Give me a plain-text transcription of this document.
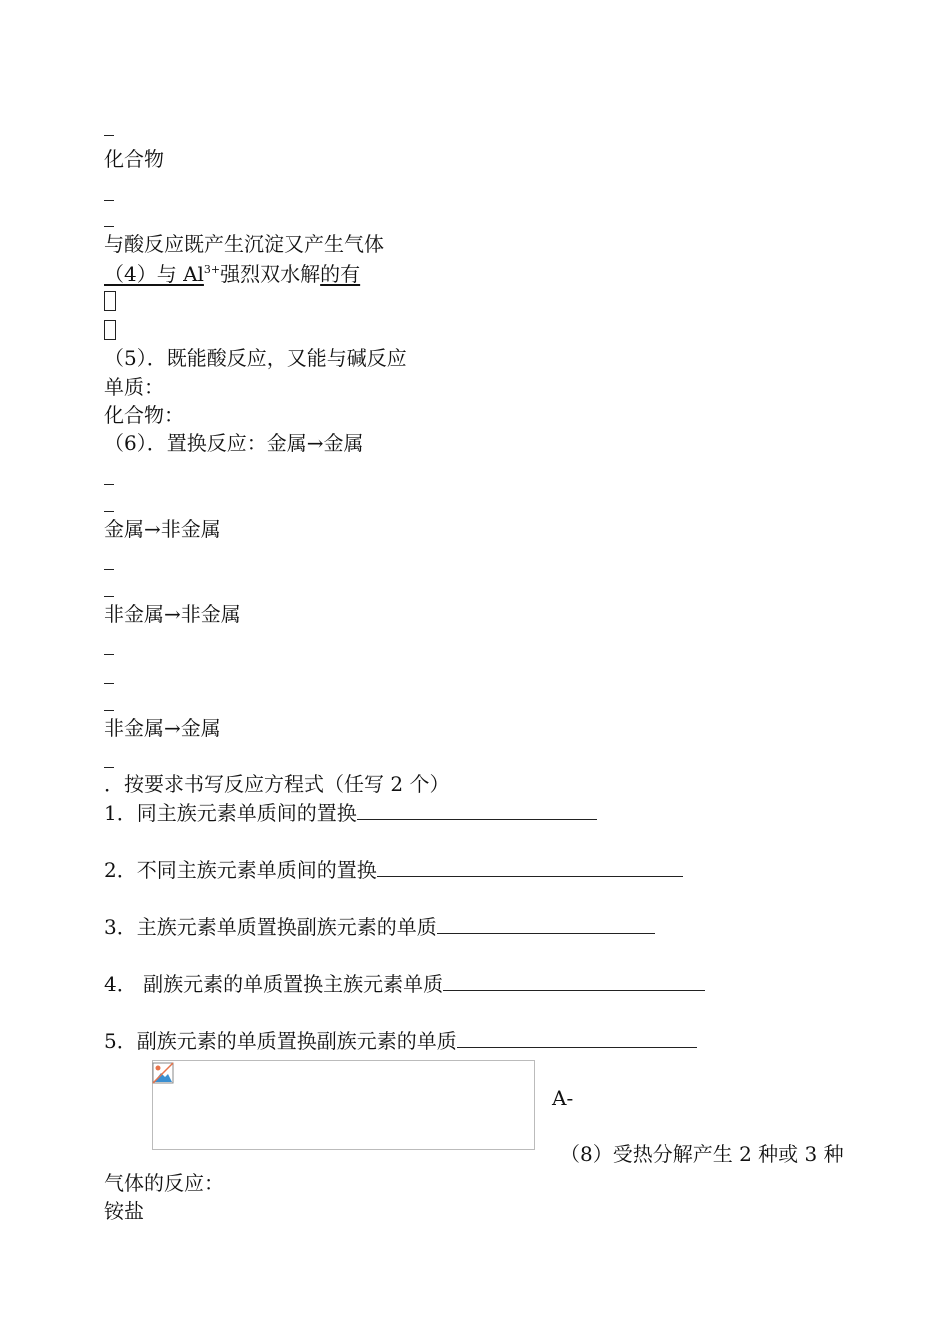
化合物
与酸反应既产生沉淀又产生气体
（4）与 $Al^{3+}$强烈双水解的有
（5）．既能酸反应，又能与碱反应
单质：
化合物：
（6）．置换反应：金属→金属
金属→非金属
非金属→非金属
非金属→金属
．按要求书写反应方程式（任写 2 个）
1．同主族元素单质间的置换
2．不同主族元素单质间的置换
3．主族元素单质置换副族元素的单质
4． 副族元素的单质置换主族元素单质
5．副族元素的单质置换副族元素的单质
A-
（8）受热分解产生 2 种或 3 种
气体的反应：
铵盐
